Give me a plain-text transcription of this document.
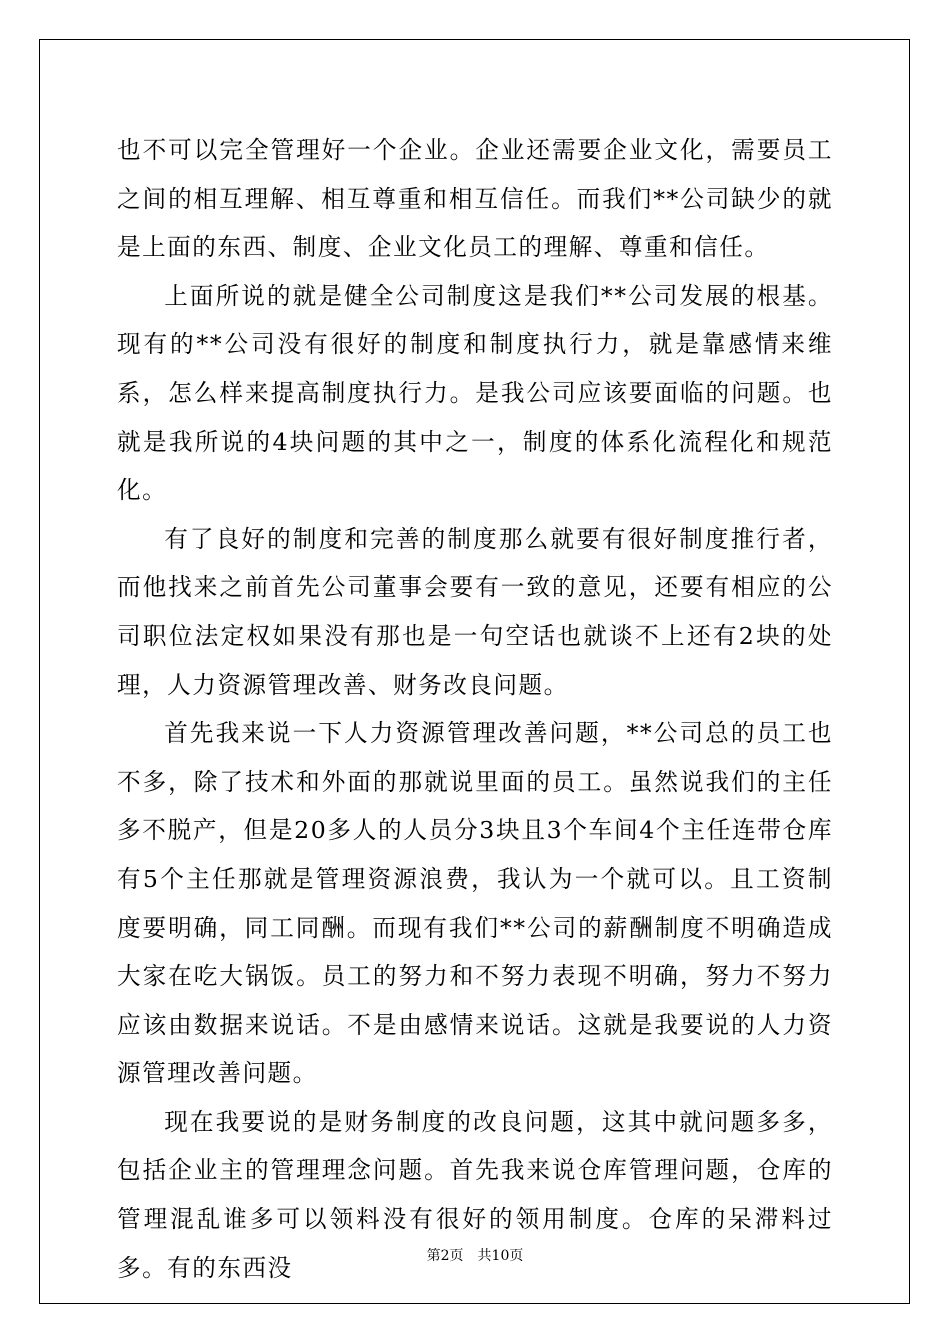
也不可以完全管理好一个企业。企业还需要企业文化，需要员工之间的相互理解、相互尊重和相互信任。而我们**公司缺少的就是上面的东西、制度、企业文化员工的理解、尊重和信任。

上面所说的就是健全公司制度这是我们**公司发展的根基。现有的**公司没有很好的制度和制度执行力，就是靠感情来维系，怎么样来提高制度执行力。是我公司应该要面临的问题。也就是我所说的4块问题的其中之一，制度的体系化流程化和规范化。

有了良好的制度和完善的制度那么就要有很好制度推行者，而他找来之前首先公司董事会要有一致的意见，还要有相应的公司职位法定权如果没有那也是一句空话也就谈不上还有2块的处理，人力资源管理改善、财务改良问题。

首先我来说一下人力资源管理改善问题，**公司总的员工也不多，除了技术和外面的那就说里面的员工。虽然说我们的主任多不脱产，但是20多人的人员分3块且3个车间4个主任连带仓库有5个主任那就是管理资源浪费，我认为一个就可以。且工资制度要明确，同工同酬。而现有我们**公司的薪酬制度不明确造成大家在吃大锅饭。员工的努力和不努力表现不明确，努力不努力应该由数据来说话。不是由感情来说话。这就是我要说的人力资源管理改善问题。

现在我要说的是财务制度的改良问题，这其中就问题多多，包括企业主的管理理念问题。首先我来说仓库管理问题，仓库的管理混乱谁多可以领料没有很好的领用制度。仓库的呆滞料过多。有的东西没	第2页 共10页
